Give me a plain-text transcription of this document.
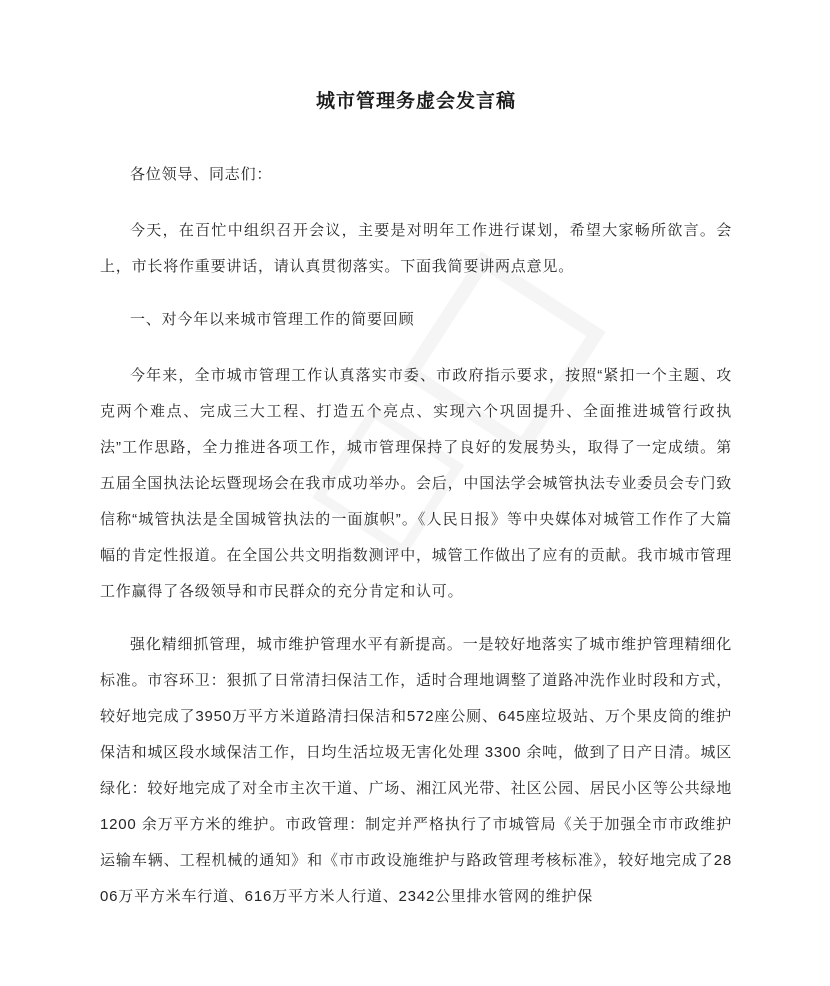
城市管理务虚会发言稿

各位领导、同志们：

今天，在百忙中组织召开会议，主要是对明年工作进行谋划，希望大家畅所欲言。会上，市长将作重要讲话，请认真贯彻落实。下面我简要讲两点意见。

一、对今年以来城市管理工作的简要回顾

今年来，全市城市管理工作认真落实市委、市政府指示要求，按照“紧扣一个主题、攻克两个难点、完成三大工程、打造五个亮点、实现六个巩固提升、全面推进城管行政执法”工作思路，全力推进各项工作，城市管理保持了良好的发展势头，取得了一定成绩。第五届全国执法论坛暨现场会在我市成功举办。会后，中国法学会城管执法专业委员会专门致信称“城管执法是全国城管执法的一面旗帜”。《人民日报》等中央媒体对城管工作作了大篇幅的肯定性报道。在全国公共文明指数测评中，城管工作做出了应有的贡献。我市城市管理工作赢得了各级领导和市民群众的充分肯定和认可。

强化精细抓管理，城市维护管理水平有新提高。一是较好地落实了城市维护管理精细化标准。市容环卫：狠抓了日常清扫保洁工作，适时合理地调整了道路冲洗作业时段和方式，较好地完成了3950万平方米道路清扫保洁和572座公厕、645座垃圾站、万个果皮筒的维护保洁和城区段水域保洁工作，日均生活垃圾无害化处理 3300 余吨，做到了日产日清。城区绿化：较好地完成了对全市主次干道、广场、湘江风光带、社区公园、居民小区等公共绿地 1200 余万平方米的维护。市政管理：制定并严格执行了市城管局《关于加强全市市政维护运输车辆、工程机械的通知》和《市市政设施维护与路政管理考核标准》，较好地完成了2806万平方米车行道、616万平方米人行道、2342公里排水管网的维护保
